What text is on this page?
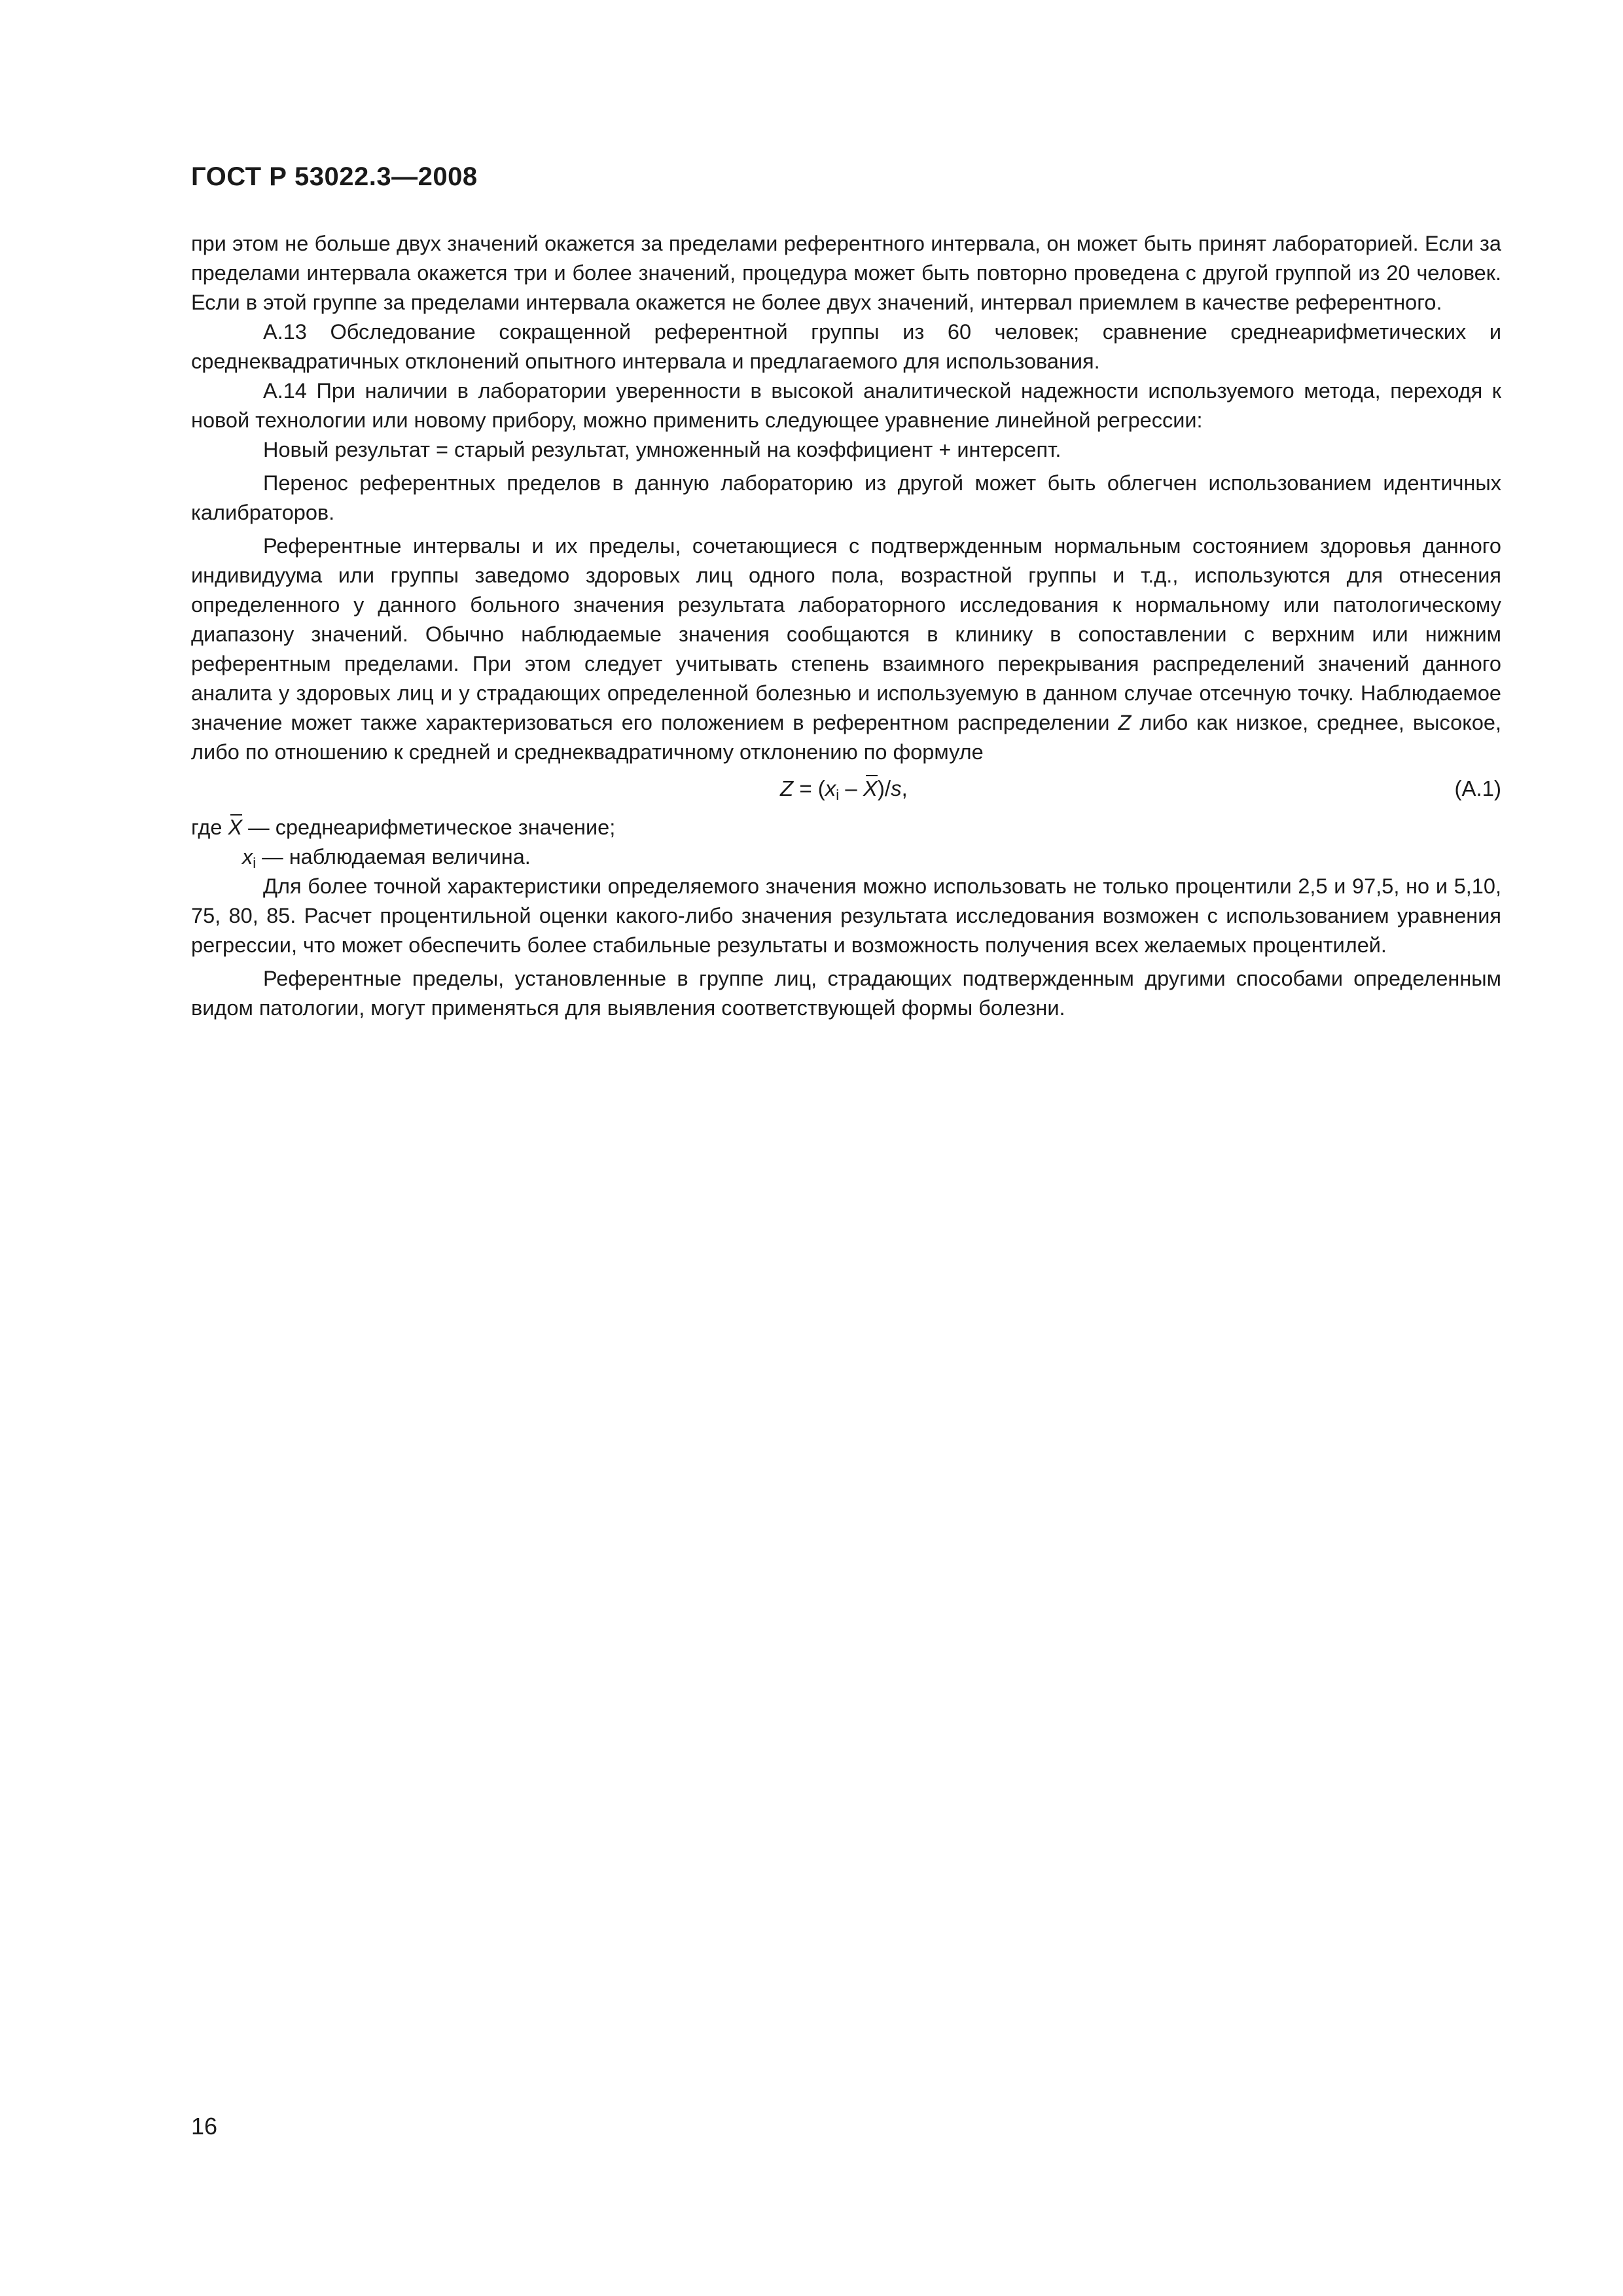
ГОСТ Р 53022.3—2008

при этом не больше двух значений окажется за пределами референтного интервала, он может быть принят лабораторией. Если за пределами интервала окажется три и более значений, процедура может быть повторно проведена с другой группой из 20 человек. Если в этой группе за пределами интервала окажется не более двух значений, интервал приемлем в качестве референтного.

А.13 Обследование сокращенной референтной группы из 60 человек; сравнение среднеарифметических и среднеквадратичных отклонений опытного интервала и предлагаемого для использования.

А.14 При наличии в лаборатории уверенности в высокой аналитической надежности используемого метода, переходя к новой технологии или новому прибору, можно применить следующее уравнение линейной регрессии:

Новый результат = старый результат, умноженный на коэффициент + интерсепт.

Перенос референтных пределов в данную лабораторию из другой может быть облегчен использованием идентичных калибраторов.

Референтные интервалы и их пределы, сочетающиеся с подтвержденным нормальным состоянием здоровья данного индивидуума или группы заведомо здоровых лиц одного пола, возрастной группы и т.д., используются для отнесения определенного у данного больного значения результата лабораторного исследования к нормальному или патологическому диапазону значений. Обычно наблюдаемые значения сообщаются в клинику в сопоставлении с верхним или нижним референтным пределами. При этом следует учитывать степень взаимного перекрывания распределений значений данного аналита у здоровых лиц и у страдающих определенной болезнью и используемую в данном случае отсечную точку. Наблюдаемое значение может также характеризоваться его положением в референтном распределении Z либо как низкое, среднее, высокое, либо по отношению к средней и среднеквадратичному отклонению по формуле

$Z = (x_i - X)/s$,	(А.1)

где X — среднеарифметическое значение;

$x_i$ — наблюдаемая величина.

Для более точной характеристики определяемого значения можно использовать не только процентили 2,5 и 97,5, но и 5,10, 75, 80, 85. Расчет процентильной оценки какого-либо значения результата исследования возможен с использованием уравнения регрессии, что может обеспечить более стабильные результаты и возможность получения всех желаемых процентилей.

Референтные пределы, установленные в группе лиц, страдающих подтвержденным другими способами определенным видом патологии, могут применяться для выявления соответствующей формы болезни.

16
